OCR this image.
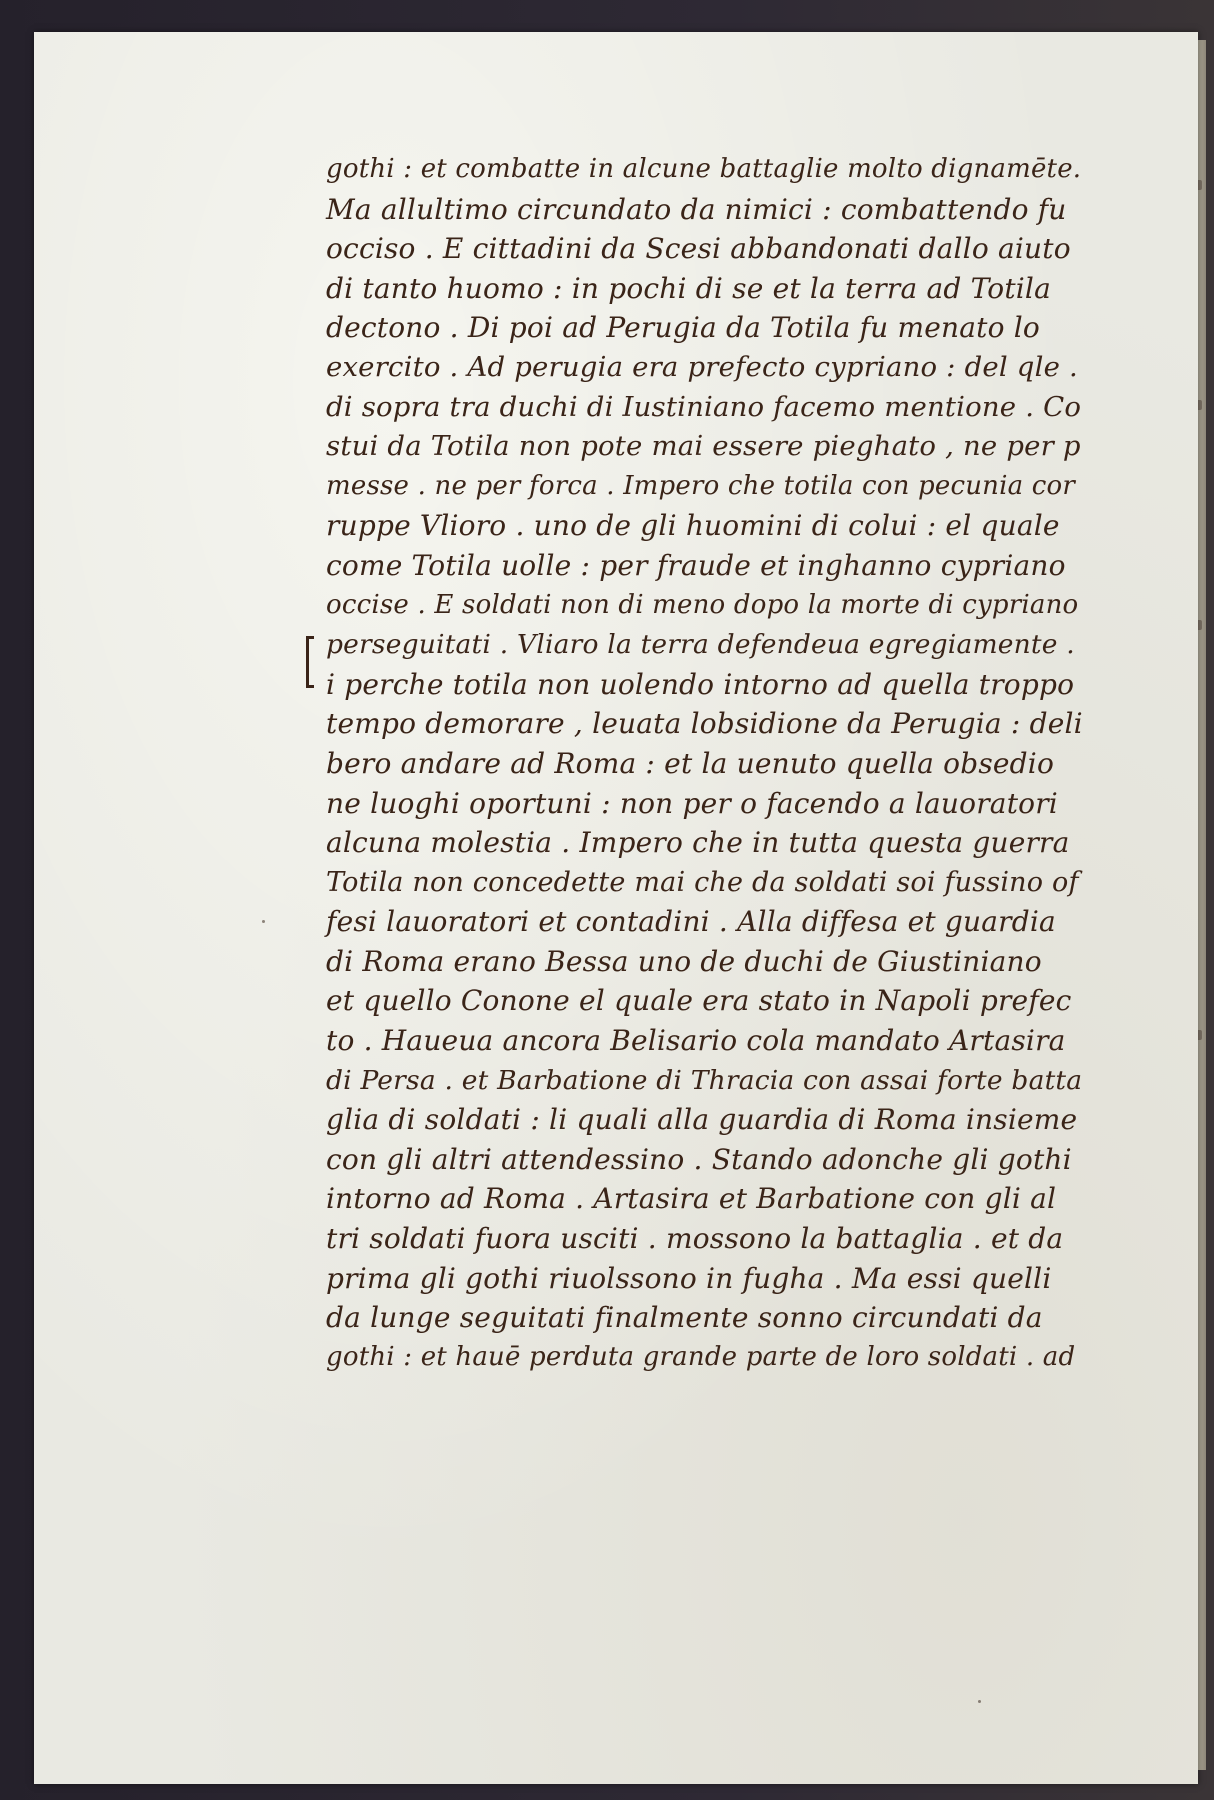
gothi : et combatte in alcune battaglie molto dignamēte.
Ma allultimo circundato da nimici : combattendo fu
occiso . E cittadini da Scesi abbandonati dallo aiuto
di tanto huomo : in pochi di se et la terra ad Totila
dectono . Di poi ad Perugia da Totila fu menato lo
exercito . Ad perugia era prefecto cypriano : del qle .
di sopra tra duchi di Iustiniano facemo mentione . Co
stui da Totila non pote mai essere pieghato , ne per p
messe . ne per forca . Impero che totila con pecunia cor
ruppe Vlioro . uno de gli huomini di colui : el quale
come Totila uolle : per fraude et inghanno cypriano
occise . E soldati non di meno dopo la morte di cypriano
perseguitati . Vliaro la terra defendeua egregiamente .
i perche totila non uolendo intorno ad quella troppo
tempo demorare , leuata lobsidione da Perugia : deli
bero andare ad Roma : et la uenuto quella obsedio
ne luoghi oportuni : non per o facendo a lauoratori
alcuna molestia . Impero che in tutta questa guerra
Totila non concedette mai che da soldati soi fussino of
fesi lauoratori et contadini . Alla diffesa et guardia
di Roma erano Bessa uno de duchi de Giustiniano
et quello Conone el quale era stato in Napoli prefec
to . Haueua ancora Belisario cola mandato Artasira
di Persa . et Barbatione di Thracia con assai forte batta
glia di soldati : li quali alla guardia di Roma insieme
con gli altri attendessino . Stando adonche gli gothi
intorno ad Roma . Artasira et Barbatione con gli al
tri soldati fuora usciti . mossono la battaglia . et da
prima gli gothi riuolssono in fugha . Ma essi quelli
da lunge seguitati finalmente sonno circundati da
gothi : et hauē perduta grande parte de loro soldati . ad
